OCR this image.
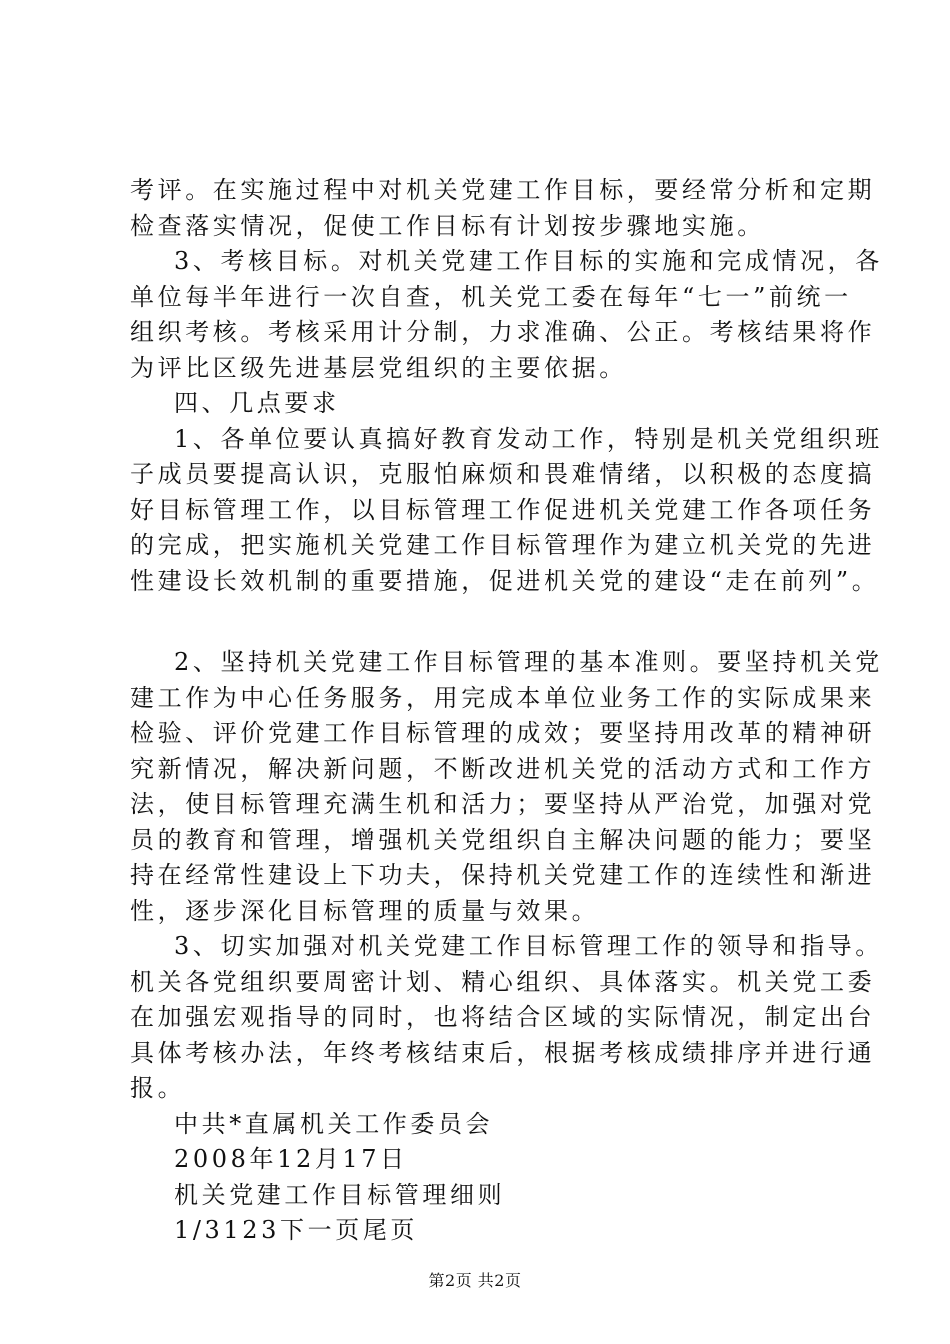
考评。在实施过程中对机关党建工作目标，要经常分析和定期
检查落实情况，促使工作目标有计划按步骤地实施。
3、考核目标。对机关党建工作目标的实施和完成情况，各
单位每半年进行一次自查，机关党工委在每年“七一”前统一
组织考核。考核采用计分制，力求准确、公正。考核结果将作
为评比区级先进基层党组织的主要依据。
四、几点要求
1、各单位要认真搞好教育发动工作，特别是机关党组织班
子成员要提高认识，克服怕麻烦和畏难情绪，以积极的态度搞
好目标管理工作，以目标管理工作促进机关党建工作各项任务
的完成，把实施机关党建工作目标管理作为建立机关党的先进
性建设长效机制的重要措施，促进机关党的建设“走在前列”。
2、坚持机关党建工作目标管理的基本准则。要坚持机关党
建工作为中心任务服务，用完成本单位业务工作的实际成果来
检验、评价党建工作目标管理的成效；要坚持用改革的精神研
究新情况，解决新问题，不断改进机关党的活动方式和工作方
法，使目标管理充满生机和活力；要坚持从严治党，加强对党
员的教育和管理，增强机关党组织自主解决问题的能力；要坚
持在经常性建设上下功夫，保持机关党建工作的连续性和渐进
性，逐步深化目标管理的质量与效果。
3、切实加强对机关党建工作目标管理工作的领导和指导。
机关各党组织要周密计划、精心组织、具体落实。机关党工委
在加强宏观指导的同时，也将结合区域的实际情况，制定出台
具体考核办法，年终考核结束后，根据考核成绩排序并进行通
报。
中共*直属机关工作委员会
2008年12月17日
机关党建工作目标管理细则
1/3123下一页尾页
第2页 共2页
